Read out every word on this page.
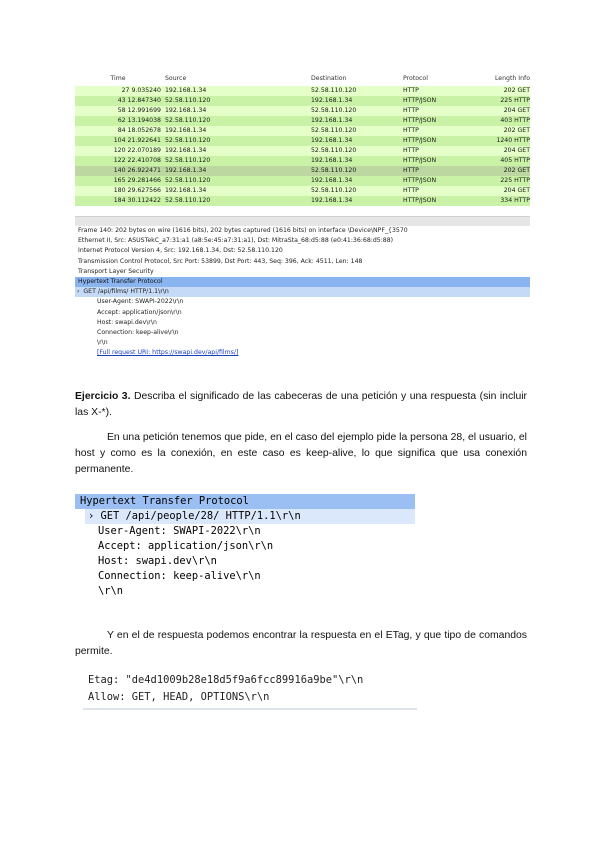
Time	Source	Destination	Protocol	Length Info
27 9.035240 192.168.1.34	52.58.110.120	HTTP	202 GET
43 12.847340 52.58.110.120	192.168.1.34	HTTP/JSON	225 HTTP
58 12.991699 192.168.1.34	52.58.110.120	HTTP	204 GET
62 13.194038 52.58.110.120	192.168.1.34	HTTP/JSON	403 HTTP
84 18.052678 192.168.1.34	52.58.110.120	HTTP	202 GET
104 21.922641 52.58.110.120	192.168.1.34	HTTP/JSON	1240 HTTP
120 22.070189 192.168.1.34	52.58.110.120	HTTP	204 GET
122 22.410708 52.58.110.120	192.168.1.34	HTTP/JSON	405 HTTP
140 26.922471 192.168.1.34	52.58.110.120	HTTP	202 GET
165 29.281466 52.58.110.120	192.168.1.34	HTTP/JSON	225 HTTP
180 29.627566 192.168.1.34	52.58.110.120	HTTP	204 GET
184 30.112422 52.58.110.120	192.168.1.34	HTTP/JSON	334 HTTP
Frame 140: 202 bytes on wire (1616 bits), 202 bytes captured (1616 bits) on interface \Device\NPF_{3570
Ethernet II, Src: ASUSTekC_a7:31:a1 (a8:5e:45:a7:31:a1), Dst: MitraSta_68:d5:88 (e0:41:36:68:d5:88)
Internet Protocol Version 4, Src: 192.168.1.34, Dst: 52.58.110.120
Transmission Control Protocol, Src Port: 53899, Dst Port: 443, Seq: 396, Ack: 4511, Len: 148
Transport Layer Security
Hypertext Transfer Protocol
›  GET /api/films/ HTTP/1.1\r\n
User-Agent: SWAPI-2022\r\n
Accept: application/json\r\n
Host: swapi.dev\r\n
Connection: keep-alive\r\n
\r\n
[Full request URI: https://swapi.dev/api/films/]
Ejercicio 3. Describa el significado de las cabeceras de una petición y una respuesta (sin incluir las X-*).
En una petición tenemos que pide, en el caso del ejemplo pide la persona 28, el usuario, el host y como es la conexión, en este caso es keep-alive, lo que significa que usa conexión permanente.
Hypertext Transfer Protocol
› GET /api/people/28/ HTTP/1.1\r\n
User-Agent: SWAPI-2022\r\n
Accept: application/json\r\n
Host: swapi.dev\r\n
Connection: keep-alive\r\n
\r\n
Y en el de respuesta podemos encontrar la respuesta en el ETag, y que tipo de comandos permite.
Etag: "de4d1009b28e18d5f9a6fcc89916a9be"\r\n
Allow: GET, HEAD, OPTIONS\r\n
